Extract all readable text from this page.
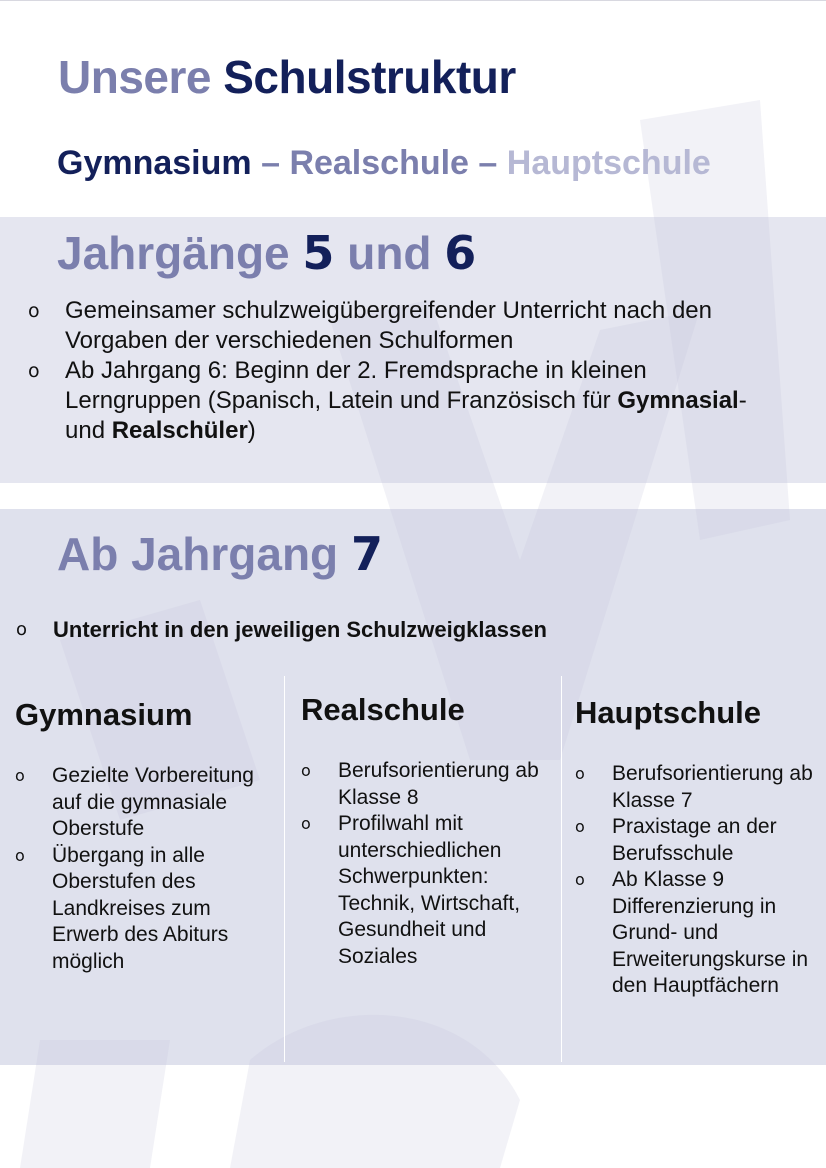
Unsere Schulstruktur
Gymnasium – Realschule – Hauptschule
Jahrgänge 5 und 6
o Gemeinsamer schulzweigübergreifender Unterricht nach den Vorgaben der verschiedenen Schulformen
o Ab Jahrgang 6: Beginn der 2. Fremdsprache in kleinen Lerngruppen (Spanisch, Latein und Französisch für Gymnasial- und Realschüler)
Ab Jahrgang 7
o Unterricht in den jeweiligen Schulzweigklassen
Gymnasium
o Gezielte Vorbereitung auf die gymnasiale Oberstufe
o Übergang in alle Oberstufen des Landkreises zum Erwerb des Abiturs möglich
Realschule
o Berufsorientierung ab Klasse 8
o Profilwahl mit unterschiedlichen Schwerpunkten: Technik, Wirtschaft, Gesundheit und Soziales
Hauptschule
o Berufsorientierung ab Klasse 7
o Praxistage an der Berufsschule
o Ab Klasse 9 Differenzierung in Grund- und Erweiterungskurse in den Hauptfächern
